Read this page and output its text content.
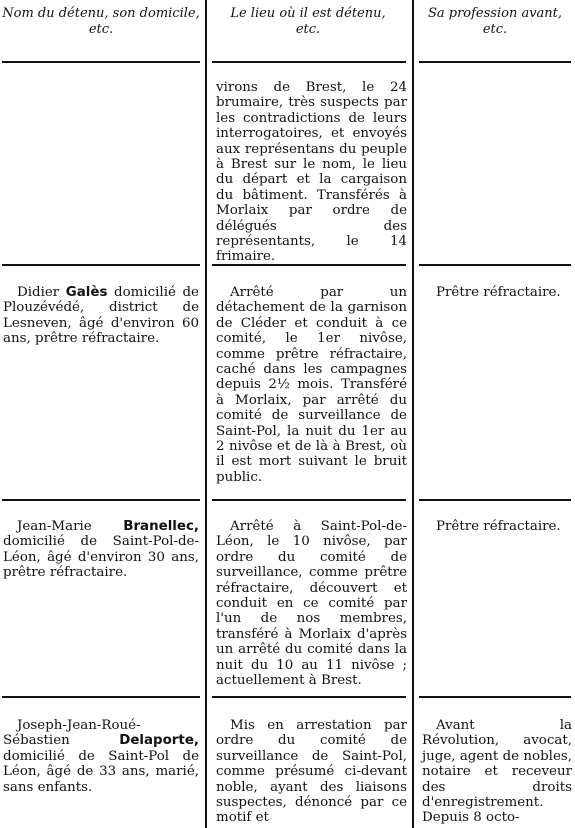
Nom du détenu, son domicile, etc.
Le lieu où il est détenu, etc.
Sa profession avant, etc.
virons de Brest, le 24 brumaire, très suspects par les contradictions de leurs interrogatoires, et envoyés aux représentans du peuple à Brest sur le nom, le lieu du départ et la cargaison du bâtiment. Transférés à Morlaix par ordre de délégués des représentants, le 14 frimaire.
Didier Galès domicilié de Plouzévédé, district de Lesneven, âgé d'environ 60 ans, prêtre réfractaire.
Arrêté par un détachement de la garnison de Cléder et conduit à ce comité, le 1er nivôse, comme prêtre réfractaire, caché dans les campagnes depuis 2½ mois. Transféré à Morlaix, par arrêté du comité de surveillance de Saint-Pol, la nuit du 1er au 2 nivôse et de là à Brest, où il est mort suivant le bruit public.
Prêtre réfractaire.
Jean-Marie Branellec, domicilié de Saint-Pol-de-Léon, âgé d'environ 30 ans, prêtre réfractaire.
Arrêté à Saint-Pol-de-Léon, le 10 nivôse, par ordre du comité de surveillance, comme prêtre réfractaire, découvert et conduit en ce comité par l'un de nos membres, transféré à Morlaix d'après un arrêté du comité dans la nuit du 10 au 11 nivôse ; actuellement à Brest.
Prêtre réfractaire.
Joseph-Jean-Roué-Sébastien Delaporte, domicilié de Saint-Pol de Léon, âgé de 33 ans, marié, sans enfants.
Mis en arrestation par ordre du comité de surveillance de Saint-Pol, comme présumé ci-devant noble, ayant des liaisons suspectes, dénoncé par ce motif et
Avant la Révolution, avocat, juge, agent de nobles, notaire et receveur des droits d'enregistrement. Depuis 8 octo-
